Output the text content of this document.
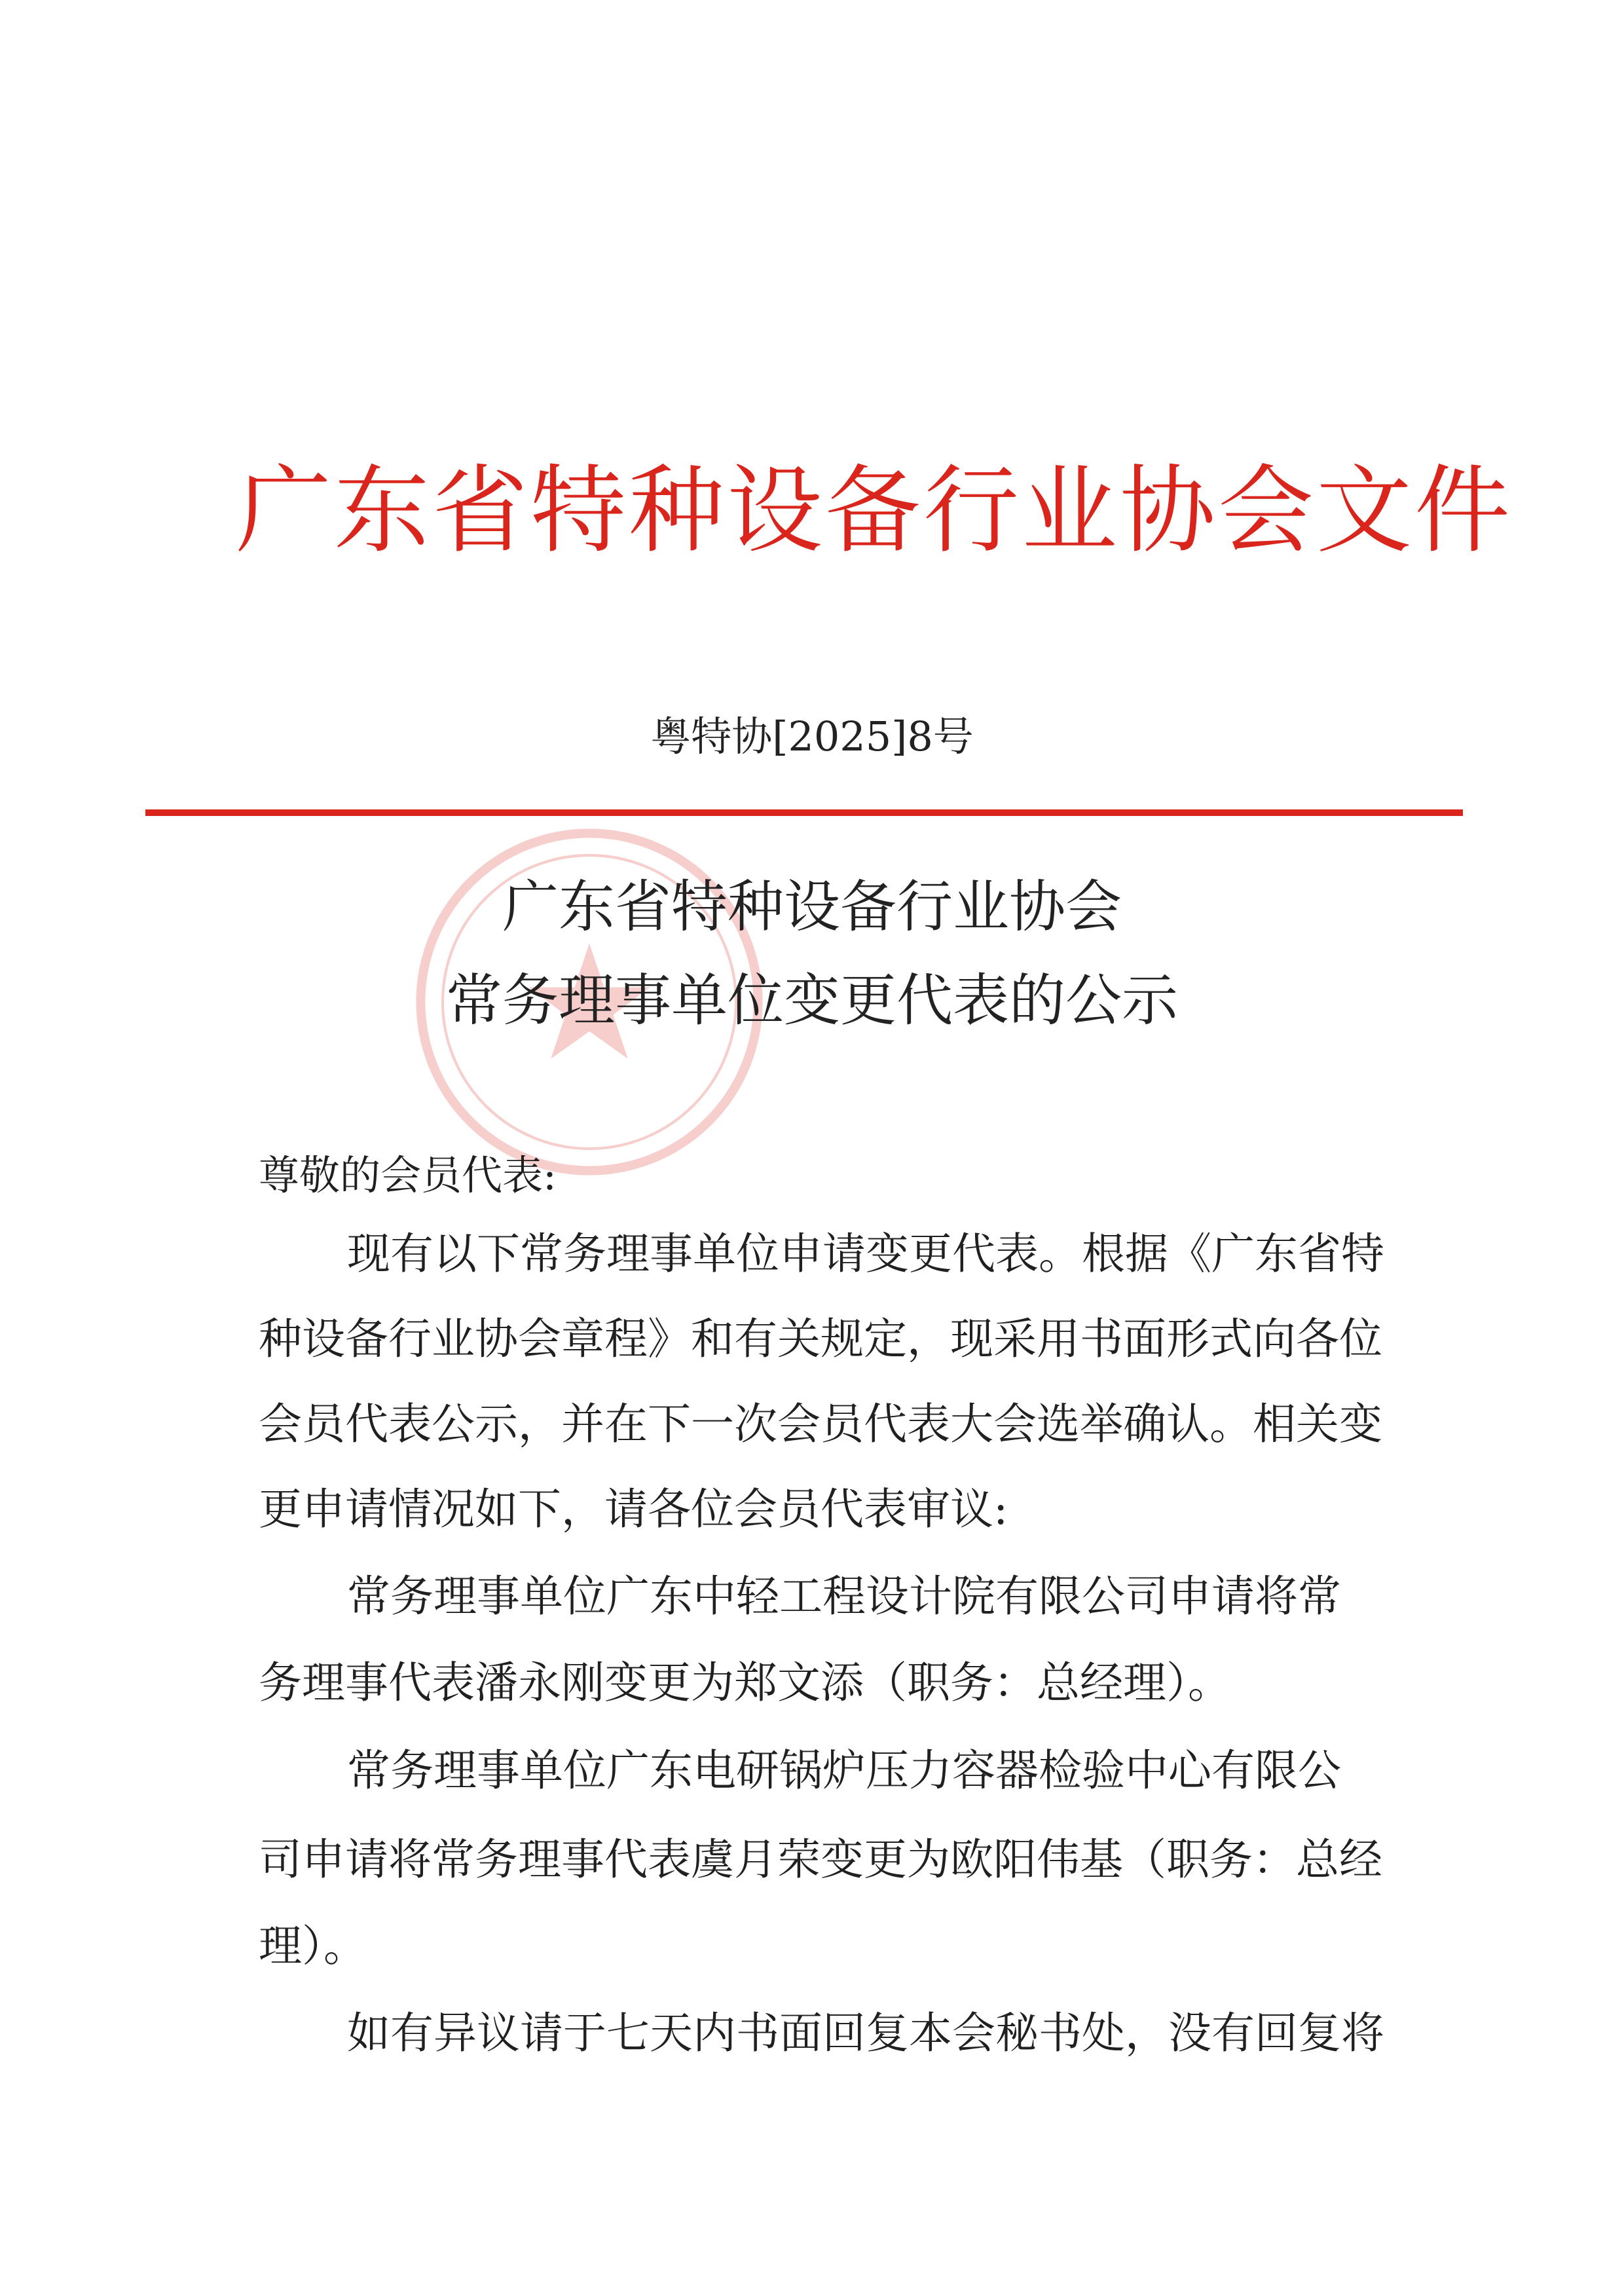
广东省特种设备行业协会文件
粤特协[2025]8号
广东省特种设备行业协会
常务理事单位变更代表的公示
尊敬的会员代表:
现有以下常务理事单位申请变更代表。根据《广东省特
种设备行业协会章程》和有关规定，现采用书面形式向各位
会员代表公示，并在下一次会员代表大会选举确认。相关变
更申请情况如下，请各位会员代表审议:
常务理事单位广东中轻工程设计院有限公司申请将常
务理事代表潘永刚变更为郑文添（职务：总经理）。
常务理事单位广东电研锅炉压力容器检验中心有限公
司申请将常务理事代表虞月荣变更为欧阳伟基（职务：总经
理）。
如有异议请于七天内书面回复本会秘书处，没有回复将
